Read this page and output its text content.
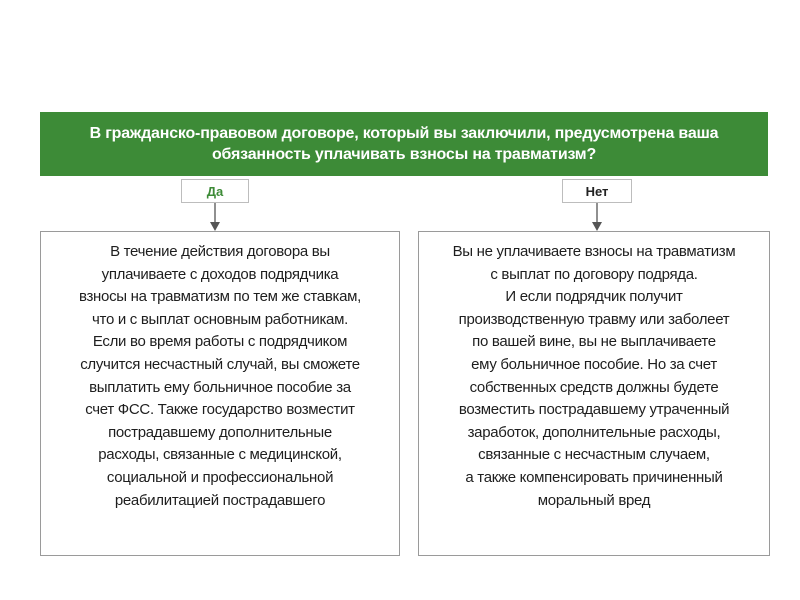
В гражданско-правовом договоре, который вы заключили, предусмотрена ваша
обязанность уплачивать взносы на травматизм?
Да	Нет
В течение действия договора вы
уплачиваете с доходов подрядчика
взносы на травматизм по тем же ставкам,
что и с выплат основным работникам.
Если во время работы с подрядчиком
случится несчастный случай, вы сможете
выплатить ему больничное пособие за
счет ФСС. Также государство возместит
пострадавшему дополнительные
расходы, связанные с медицинской,
социальной и профессиональной
реабилитацией пострадавшего
Вы не уплачиваете взносы на травматизм
с выплат по договору подряда.
И если подрядчик получит
производственную травму или заболеет
по вашей вине, вы не выплачиваете
ему больничное пособие. Но за счет
собственных средств должны будете
возместить пострадавшему утраченный
заработок, дополнительные расходы,
связанные с несчастным случаем,
а также компенсировать причиненный
моральный вред
